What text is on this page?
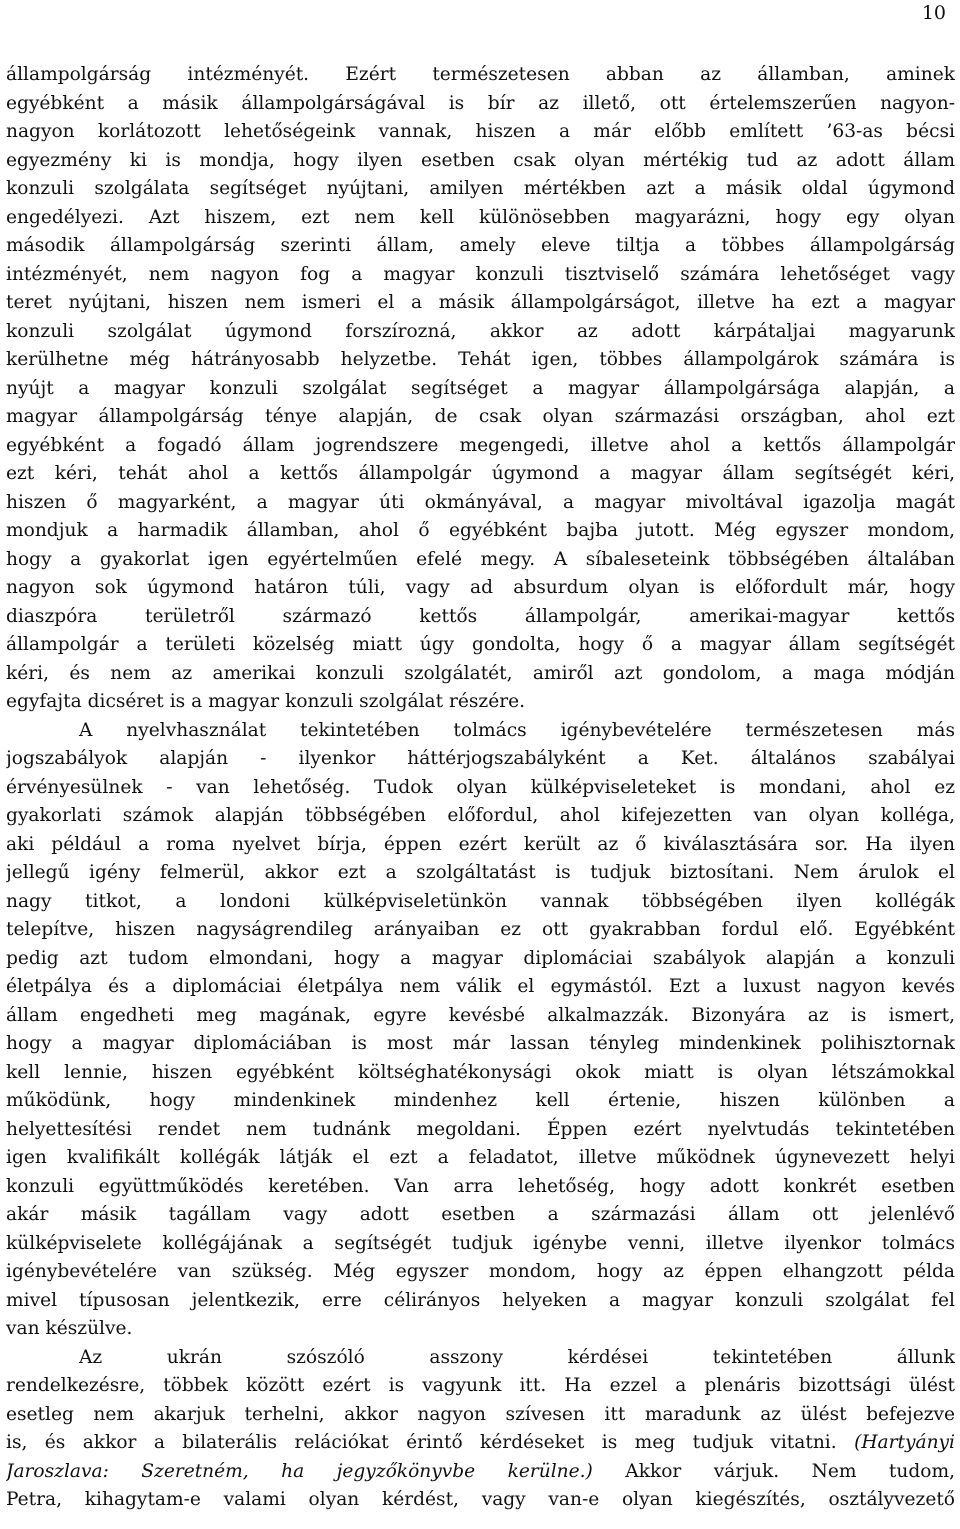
10
állampolgárság intézményét. Ezért természetesen abban az államban, aminek
egyébként a másik állampolgárságával is bír az illető, ott értelemszerűen nagyon-
nagyon korlátozott lehetőségeink vannak, hiszen a már előbb említett ’63-as bécsi
egyezmény ki is mondja, hogy ilyen esetben csak olyan mértékig tud az adott állam
konzuli szolgálata segítséget nyújtani, amilyen mértékben azt a másik oldal úgymond
engedélyezi. Azt hiszem, ezt nem kell különösebben magyarázni, hogy egy olyan
második állampolgárság szerinti állam, amely eleve tiltja a többes állampolgárság
intézményét, nem nagyon fog a magyar konzuli tisztviselő számára lehetőséget vagy
teret nyújtani, hiszen nem ismeri el a másik állampolgárságot, illetve ha ezt a magyar
konzuli szolgálat úgymond forszírozná, akkor az adott kárpátaljai magyarunk
kerülhetne még hátrányosabb helyzetbe. Tehát igen, többes állampolgárok számára is
nyújt a magyar konzuli szolgálat segítséget a magyar állampolgársága alapján, a
magyar állampolgárság ténye alapján, de csak olyan származási országban, ahol ezt
egyébként a fogadó állam jogrendszere megengedi, illetve ahol a kettős állampolgár
ezt kéri, tehát ahol a kettős állampolgár úgymond a magyar állam segítségét kéri,
hiszen ő magyarként, a magyar úti okmányával, a magyar mivoltával igazolja magát
mondjuk a harmadik államban, ahol ő egyébként bajba jutott. Még egyszer mondom,
hogy a gyakorlat igen egyértelműen efelé megy. A síbaleseteink többségében általában
nagyon sok úgymond határon túli, vagy ad absurdum olyan is előfordult már, hogy
diaszpóra területről származó kettős állampolgár, amerikai-magyar kettős
állampolgár a területi közelség miatt úgy gondolta, hogy ő a magyar állam segítségét
kéri, és nem az amerikai konzuli szolgálatét, amiről azt gondolom, a maga módján
egyfajta dicséret is a magyar konzuli szolgálat részére.
A nyelvhasználat tekintetében tolmács igénybevételére természetesen más
jogszabályok alapján - ilyenkor háttérjogszabályként a Ket. általános szabályai
érvényesülnek - van lehetőség. Tudok olyan külképviseleteket is mondani, ahol ez
gyakorlati számok alapján többségében előfordul, ahol kifejezetten van olyan kolléga,
aki például a roma nyelvet bírja, éppen ezért került az ő kiválasztására sor. Ha ilyen
jellegű igény felmerül, akkor ezt a szolgáltatást is tudjuk biztosítani. Nem árulok el
nagy titkot, a londoni külképviseletünkön vannak többségében ilyen kollégák
telepítve, hiszen nagyságrendileg arányaiban ez ott gyakrabban fordul elő. Egyébként
pedig azt tudom elmondani, hogy a magyar diplomáciai szabályok alapján a konzuli
életpálya és a diplomáciai életpálya nem válik el egymástól. Ezt a luxust nagyon kevés
állam engedheti meg magának, egyre kevésbé alkalmazzák. Bizonyára az is ismert,
hogy a magyar diplomáciában is most már lassan tényleg mindenkinek polihisztornak
kell lennie, hiszen egyébként költséghatékonysági okok miatt is olyan létszámokkal
működünk, hogy mindenkinek mindenhez kell értenie, hiszen különben a
helyettesítési rendet nem tudnánk megoldani. Éppen ezért nyelvtudás tekintetében
igen kvalifikált kollégák látják el ezt a feladatot, illetve működnek úgynevezett helyi
konzuli együttműködés keretében. Van arra lehetőség, hogy adott konkrét esetben
akár másik tagállam vagy adott esetben a származási állam ott jelenlévő
külképviselete kollégájának a segítségét tudjuk igénybe venni, illetve ilyenkor tolmács
igénybevételére van szükség. Még egyszer mondom, hogy az éppen elhangzott példa
mivel típusosan jelentkezik, erre célirányos helyeken a magyar konzuli szolgálat fel
van készülve.
Az ukrán szószóló asszony kérdései tekintetében állunk
rendelkezésre, többek között ezért is vagyunk itt. Ha ezzel a plenáris bizottsági ülést
esetleg nem akarjuk terhelni, akkor nagyon szívesen itt maradunk az ülést befejezve
is, és akkor a bilaterális relációkat érintő kérdéseket is meg tudjuk vitatni. (Hartyányi
Jaroszlava: Szeretném, ha jegyzőkönyvbe kerülne.) Akkor várjuk. Nem tudom,
Petra, kihagytam-e valami olyan kérdést, vagy van-e olyan kiegészítés, osztályvezető
